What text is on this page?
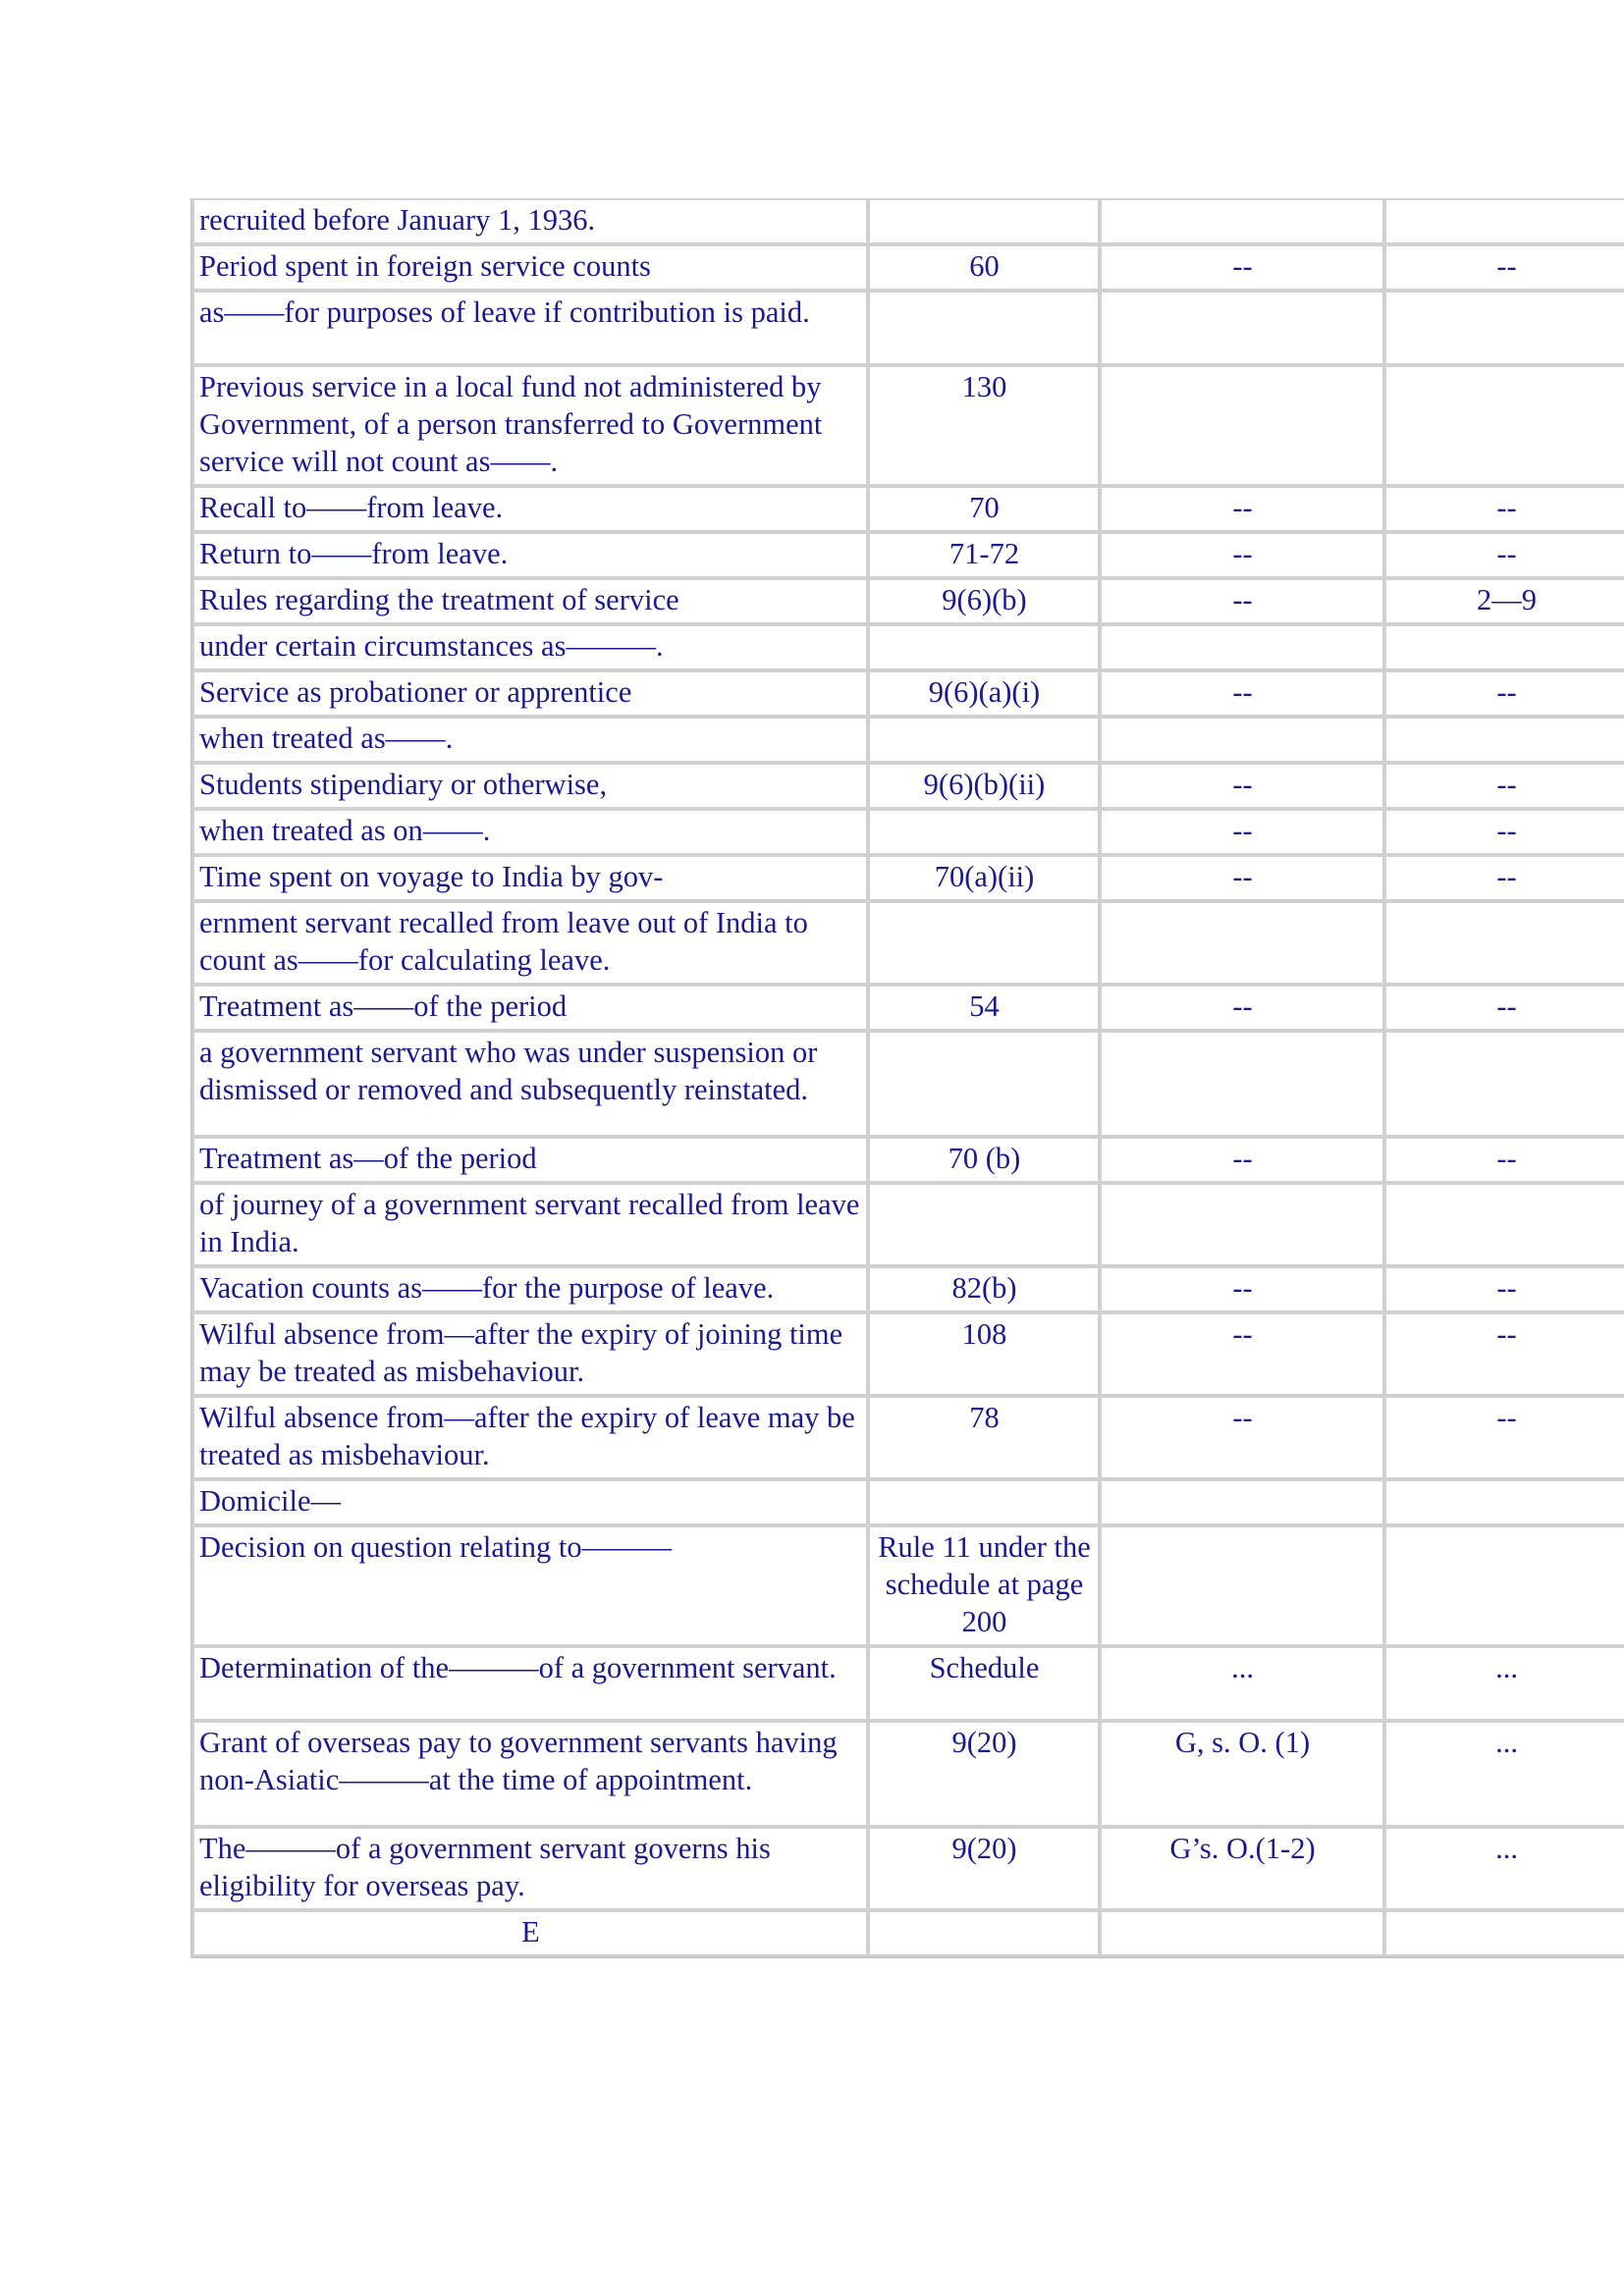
recruited before January 1, 1936.			
Period spent in foreign service counts	60	--	--
as——for purposes of leave if contribution is paid.			
Previous service in a local fund not administered by Government, of a person transferred to Government service will not count as——.	130		
Recall to——from leave.	70	--	--
Return to——from leave.	71-72	--	--
Rules regarding the treatment of service	9(6)(b)	--	2—9
under certain circumstances as———.			
Service as probationer or apprentice	9(6)(a)(i)	--	--
when treated as——.			
Students stipendiary or otherwise,	9(6)(b)(ii)	--	--
when treated as on——.		--	--
Time spent on voyage to India by gov-	70(a)(ii)	--	--
ernment servant recalled from leave out of India to count as——for calculating leave.			
Treatment as——of the period	54	--	--
a government servant who was under suspension or dismissed or removed and subsequently reinstated.			
Treatment as—of the period	70 (b)	--	--
of journey of a government servant recalled from leave in India.			
Vacation counts as——for the purpose of leave.	82(b)	--	--
Wilful absence from—after the expiry of joining time may be treated as misbehaviour.	108	--	--
Wilful absence from—after the expiry of leave may be treated as misbehaviour.	78	--	--
Domicile—			
Decision on question relating to———	Rule 11 under the schedule at page 200		
Determination of the———of a government servant.	Schedule	...	...
Grant of overseas pay to government servants having non-Asiatic———at the time of appointment.	9(20)	G, s. O. (1)	...
The———of a government servant governs his eligibility for overseas pay.	9(20)	G’s. O.(1-2)	...
E			
